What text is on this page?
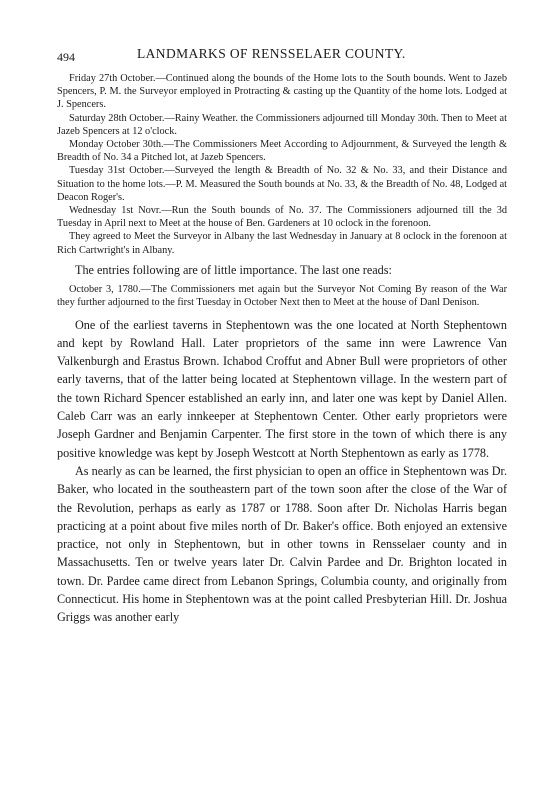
494	LANDMARKS OF RENSSELAER COUNTY.

Friday 27th October.—Continued along the bounds of the Home lots to the South bounds. Went to Jazeb Spencers, P. M. the Surveyor employed in Protracting & casting up the Quantity of the home lots. Lodged at J. Spencers.

Saturday 28th October.—Rainy Weather. the Commissioners adjourned till Monday 30th. Then to Meet at Jazeb Spencers at 12 o'clock.

Monday October 30th.—The Commissioners Meet According to Adjournment, & Surveyed the length & Breadth of No. 34 a Pitched lot, at Jazeb Spencers.

Tuesday 31st October.—Surveyed the length & Breadth of No. 32 & No. 33, and their Distance and Situation to the home lots.—P. M. Measured the South bounds at No. 33, & the Breadth of No. 48, Lodged at Deacon Roger's.

Wednesday 1st Novr.—Run the South bounds of No. 37. The Commissioners adjourned till the 3d Tuesday in April next to Meet at the house of Ben. Gardeners at 10 oclock in the forenoon.

They agreed to Meet the Surveyor in Albany the last Wednesday in January at 8 oclock in the forenoon at Rich Cartwright's in Albany.

The entries following are of little importance. The last one reads:

October 3, 1780.—The Commissioners met again but the Surveyor Not Coming By reason of the War they further adjourned to the first Tuesday in October Next then to Meet at the house of Danl Denison.

One of the earliest taverns in Stephentown was the one located at North Stephentown and kept by Rowland Hall. Later proprietors of the same inn were Lawrence Van Valkenburgh and Erastus Brown. Ichabod Croffut and Abner Bull were proprietors of other early taverns, that of the latter being located at Stephentown village. In the western part of the town Richard Spencer established an early inn, and later one was kept by Daniel Allen. Caleb Carr was an early innkeeper at Stephentown Center. Other early proprietors were Joseph Gardner and Benjamin Carpenter. The first store in the town of which there is any positive knowledge was kept by Joseph Westcott at North Stephentown as early as 1778.

As nearly as can be learned, the first physician to open an office in Stephentown was Dr. Baker, who located in the southeastern part of the town soon after the close of the War of the Revolution, perhaps as early as 1787 or 1788. Soon after Dr. Nicholas Harris began practicing at a point about five miles north of Dr. Baker's office. Both enjoyed an extensive practice, not only in Stephentown, but in other towns in Rensselaer county and in Massachusetts. Ten or twelve years later Dr. Calvin Pardee and Dr. Brighton located in town. Dr. Pardee came direct from Lebanon Springs, Columbia county, and originally from Connecticut. His home in Stephentown was at the point called Presbyterian Hill. Dr. Joshua Griggs was another early
